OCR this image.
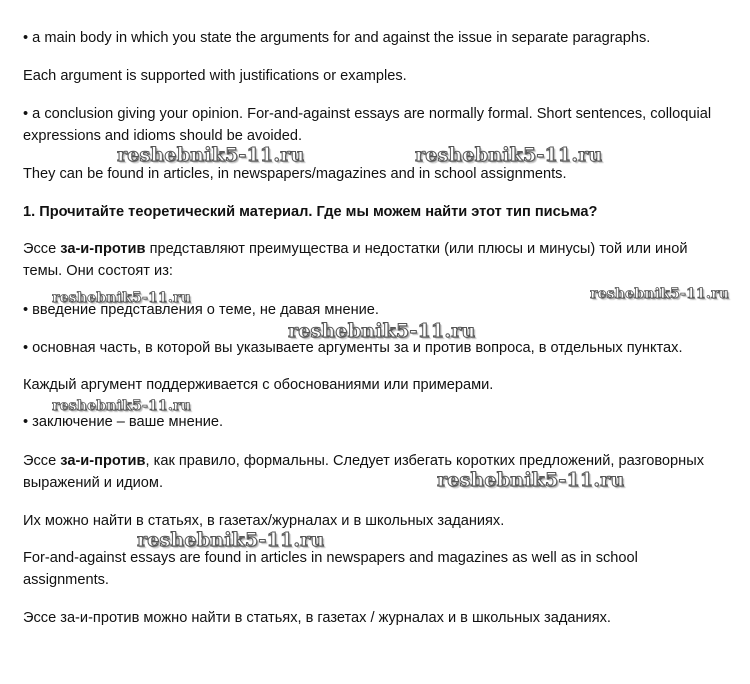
• a main body in which you state the arguments for and against the issue in separate paragraphs.

Each argument is supported with justifications or examples.

• a conclusion giving your opinion. For-and-against essays are normally formal. Short sentences, colloquial expressions and idioms should be avoided.

They can be found in articles, in newspapers/magazines and in school assignments.

1. Прочитайте теоретический материал. Где мы можем найти этот тип письма?

Эссе за-и-против представляют преимущества и недостатки (или плюсы и минусы) той или иной темы. Они состоят из:

• введение представления о теме, не давая мнение.

• основная часть, в которой вы указываете аргументы за и против вопроса, в отдельных пунктах.

Каждый аргумент поддерживается с обоснованиями или примерами.

• заключение – ваше мнение.

Эссе за-и-против, как правило, формальны. Следует избегать коротких предложений, разговорных выражений и идиом.

Их можно найти в статьях, в газетах/журналах и в школьных заданиях.

For-and-against essays are found in articles in newspapers and magazines as well as in school assignments.

Эссе за-и-против можно найти в статьях, в газетах / журналах и в школьных заданиях.

reshebnik5-11.ru	reshebnik5-11.ru
reshebnik5-11.ru	reshebnik5-11.ru
reshebnik5-11.ru
reshebnik5-11.ru
reshebnik5-11.ru
reshebnik5-11.ru
